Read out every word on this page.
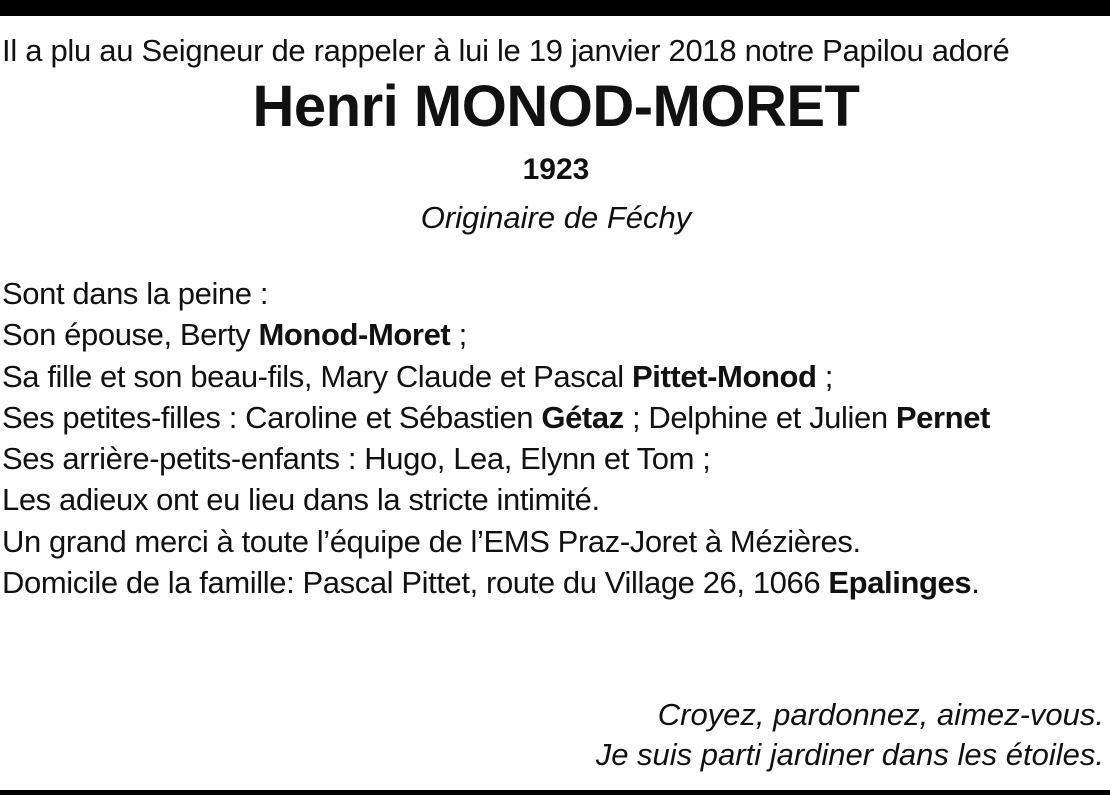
Il a plu au Seigneur de rappeler à lui le 19 janvier 2018 notre Papilou adoré

Henri MONOD-MORET
1923
Originaire de Féchy
Sont dans la peine :
Son épouse, Berty Monod-Moret ;
Sa fille et son beau-fils, Mary Claude et Pascal Pittet-Monod ;
Ses petites-filles : Caroline et Sébastien Gétaz ; Delphine et Julien Pernet
Ses arrière-petits-enfants : Hugo, Lea, Elynn et Tom ;
Les adieux ont eu lieu dans la stricte intimité.
Un grand merci à toute l’équipe de l’EMS Praz-Joret à Mézières.
Domicile de la famille: Pascal Pittet, route du Village 26, 1066 Epalinges.
Croyez, pardonnez, aimez-vous.
Je suis parti jardiner dans les étoiles.
